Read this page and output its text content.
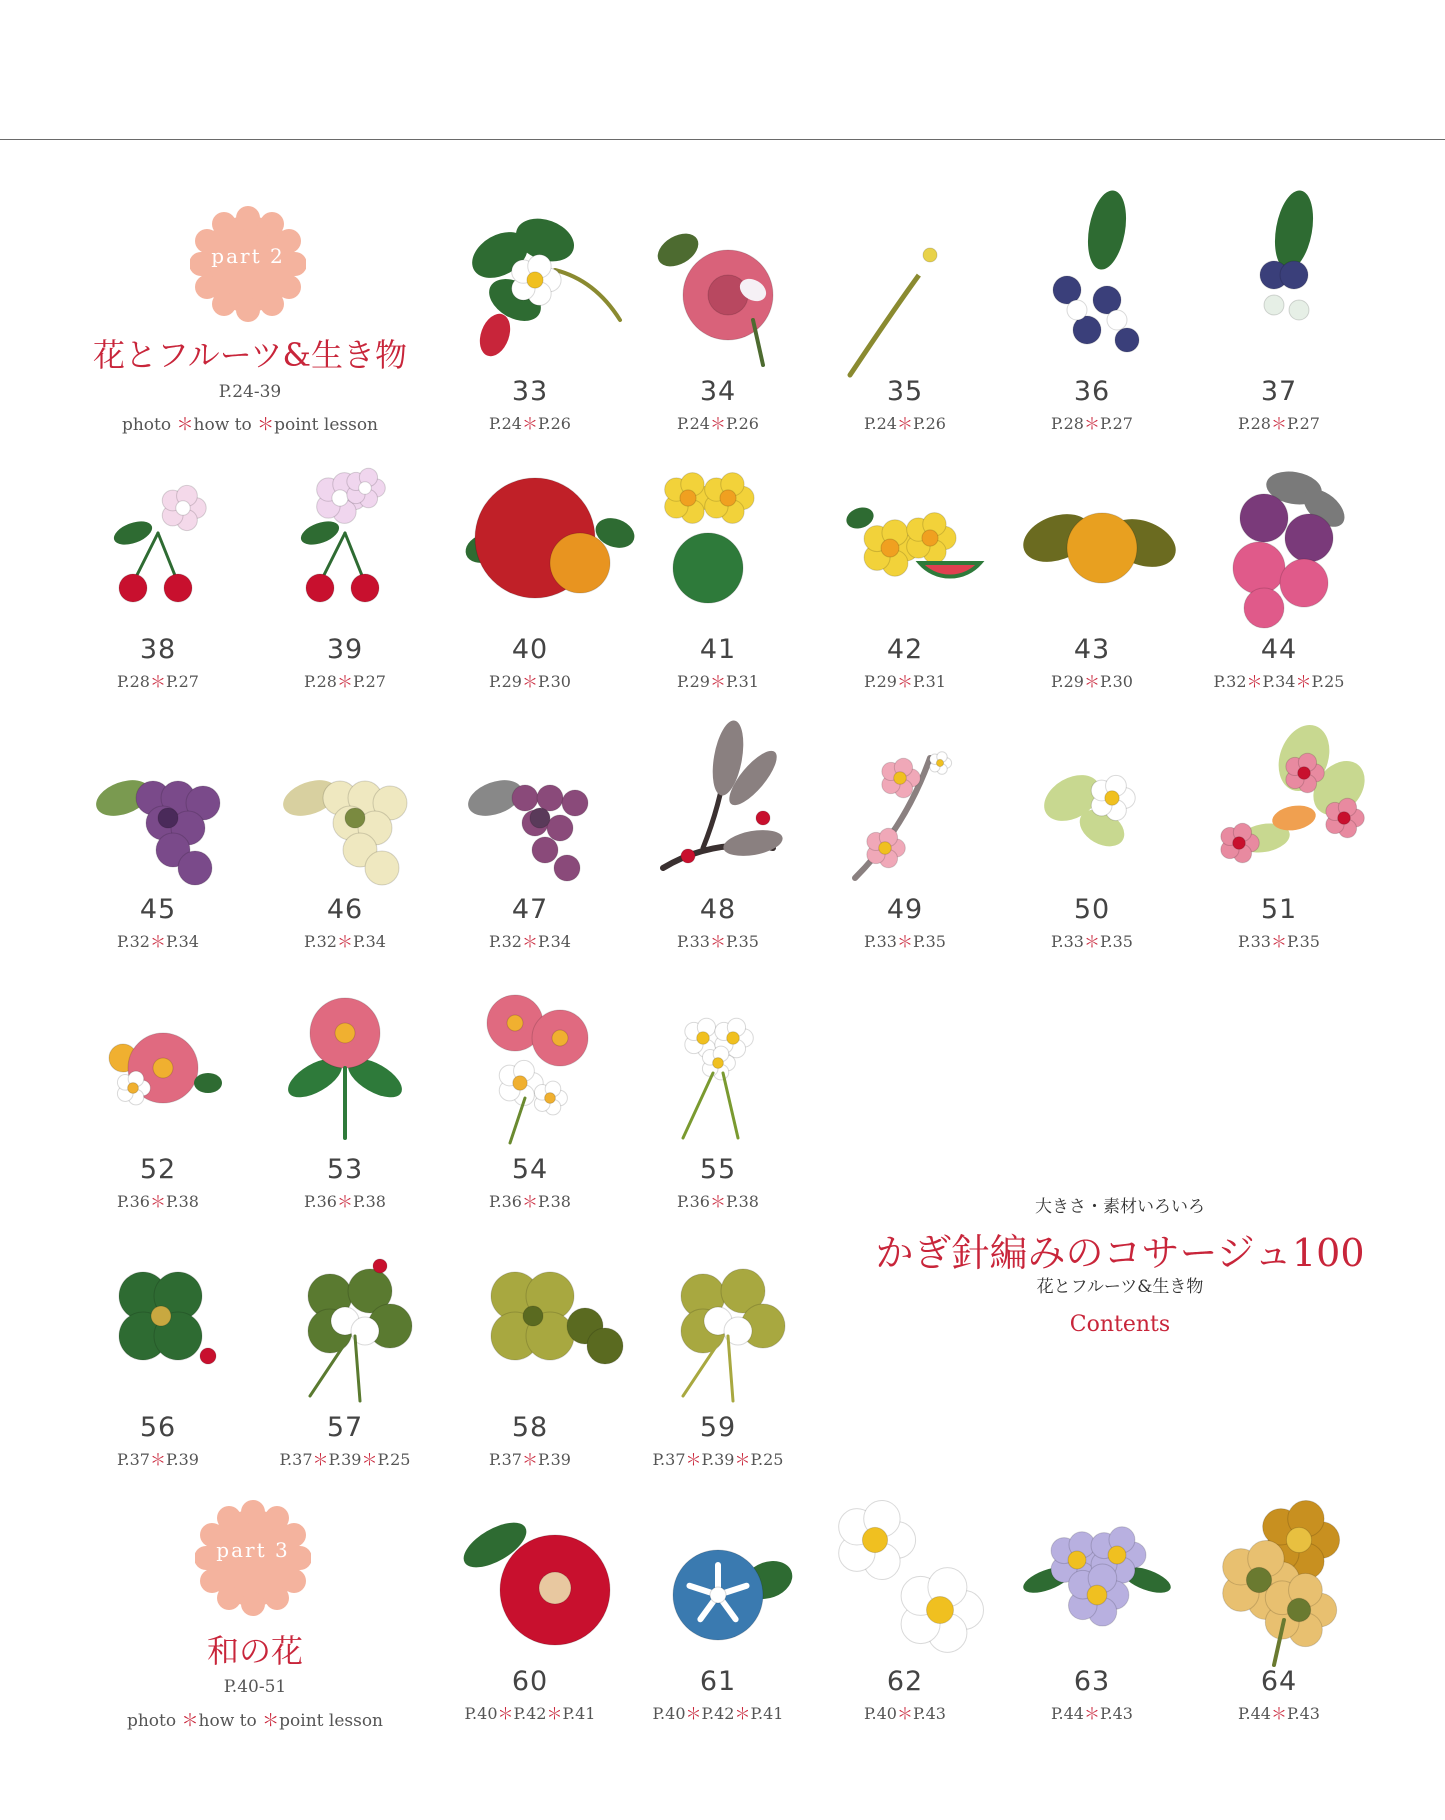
part 2
花とフルーツ&生き物
P.24-39
photo ＊how to ＊point lesson
part 3
和の花
P.40-51
photo ＊how to ＊point lesson
大きさ・素材いろいろ
かぎ針編みのコサージュ100
花とフルーツ&生き物
Contents
33
P.24＊P.26
34
P.24＊P.26
35
P.24＊P.26
36
P.28＊P.27
37
P.28＊P.27
38
P.28＊P.27
39
P.28＊P.27
40
P.29＊P.30
41
P.29＊P.31
42
P.29＊P.31
43
P.29＊P.30
44
P.32＊P.34＊P.25
45
P.32＊P.34
46
P.32＊P.34
47
P.32＊P.34
48
P.33＊P.35
49
P.33＊P.35
50
P.33＊P.35
51
P.33＊P.35
52
P.36＊P.38
53
P.36＊P.38
54
P.36＊P.38
55
P.36＊P.38
56
P.37＊P.39
57
P.37＊P.39＊P.25
58
P.37＊P.39
59
P.37＊P.39＊P.25
60
P.40＊P.42＊P.41
61
P.40＊P.42＊P.41
62
P.40＊P.43
63
P.44＊P.43
64
P.44＊P.43
